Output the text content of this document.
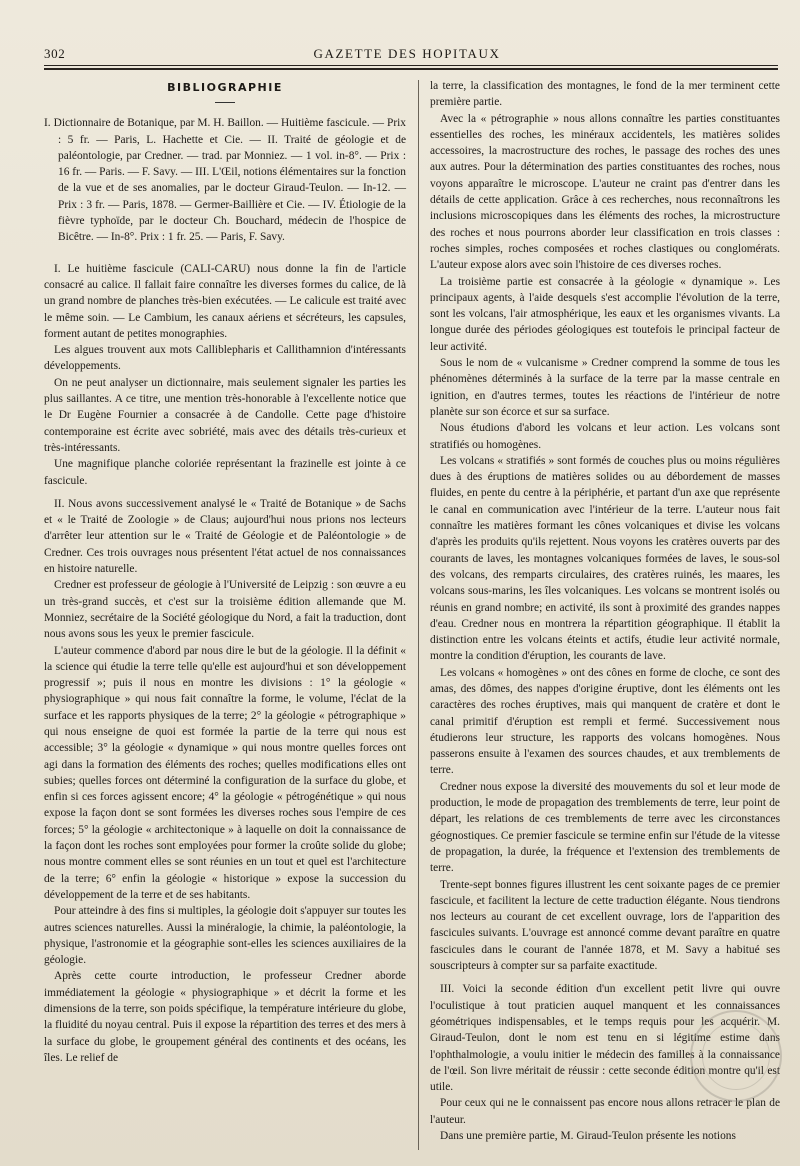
302	GAZETTE DES HOPITAUX
BIBLIOGRAPHIE
I. Dictionnaire de Botanique, par M. H. Baillon. — Huitième fascicule. — Prix : 5 fr. — Paris, L. Hachette et Cie. — II. Traité de géologie et de paléontologie, par Credner. — trad. par Monniez. — 1 vol. in-8°. — Prix : 16 fr. — Paris. — F. Savy. — III. L'Œil, notions élémentaires sur la fonction de la vue et de ses anomalies, par le docteur Giraud-Teulon. — In-12. — Prix : 3 fr. — Paris, 1878. — Germer-Baillière et Cie. — IV. Étiologie de la fièvre typhoïde, par le docteur Ch. Bouchard, médecin de l'hospice de Bicêtre. — In-8°. Prix : 1 fr. 25. — Paris, F. Savy.

I. Le huitième fascicule (CALI-CARU) nous donne la fin de l'article consacré au calice. Il fallait faire connaître les diverses formes du calice, de là un grand nombre de planches très-bien exécutées. — Le calicule est traité avec le même soin. — Le Cambium, les canaux aériens et sécréteurs, les capsules, forment autant de petites monographies.

Les algues trouvent aux mots Calliblepharis et Callithamnion d'intéressants développements.

On ne peut analyser un dictionnaire, mais seulement signaler les parties les plus saillantes. A ce titre, une mention très-honorable à l'excellente notice que le Dr Eugène Fournier a consacrée à de Candolle. Cette page d'histoire contemporaine est écrite avec sobriété, mais avec des détails très-curieux et très-intéressants.

Une magnifique planche coloriée représentant la frazinelle est jointe à ce fascicule.

II. Nous avons successivement analysé le « Traité de Botanique » de Sachs et « le Traité de Zoologie » de Claus; aujourd'hui nous prions nos lecteurs d'arrêter leur attention sur le « Traité de Géologie et de Paléontologie » de Credner. Ces trois ouvrages nous présentent l'état actuel de nos connaissances en histoire naturelle.

Credner est professeur de géologie à l'Université de Leipzig : son œuvre a eu un très-grand succès, et c'est sur la troisième édition allemande que M. Monniez, secrétaire de la Société géologique du Nord, a fait la traduction, dont nous avons sous les yeux le premier fascicule.

L'auteur commence d'abord par nous dire le but de la géologie. Il la définit « la science qui étudie la terre telle qu'elle est aujourd'hui et son développement progressif »; puis il nous en montre les divisions : 1° la géologie « physiographique » qui nous fait connaître la forme, le volume, l'éclat de la surface et les rapports physiques de la terre; 2° la géologie « pétrographique » qui nous enseigne de quoi est formée la partie de la terre qui nous est accessible; 3° la géologie « dynamique » qui nous montre quelles forces ont agi dans la formation des éléments des roches; quelles modifications elles ont subies; quelles forces ont déterminé la configuration de la surface du globe, et enfin si ces forces agissent encore; 4° la géologie « pétrogénétique » qui nous expose la façon dont se sont formées les diverses roches sous l'empire de ces forces; 5° la géologie « architectonique » à laquelle on doit la connaissance de la façon dont les roches sont employées pour former la croûte solide du globe; nous montre comment elles se sont réunies en un tout et quel est l'architecture de la terre; 6° enfin la géologie « historique » expose la succession du développement de la terre et de ses habitants.

Pour atteindre à des fins si multiples, la géologie doit s'appuyer sur toutes les autres sciences naturelles. Aussi la minéralogie, la chimie, la paléontologie, la physique, l'astronomie et la géographie sont-elles les sciences auxiliaires de la géologie.

Après cette courte introduction, le professeur Credner aborde immédiatement la géologie « physiographique » et décrit la forme et les dimensions de la terre, son poids spécifique, la température intérieure du globe, la fluidité du noyau central. Puis il expose la répartition des terres et des mers à la surface du globe, le groupement général des continents et des océans, les îles. Le relief de

la terre, la classification des montagnes, le fond de la mer terminent cette première partie.

Avec la « pétrographie » nous allons connaître les parties constituantes essentielles des roches, les minéraux accidentels, les matières solides accessoires, la macrostructure des roches, le passage des roches des unes aux autres. Pour la détermination des parties constituantes des roches, nous voyons apparaître le microscope. L'auteur ne craint pas d'entrer dans les détails de cette application. Grâce à ces recherches, nous reconnaîtrons les inclusions microscopiques dans les éléments des roches, la microstructure des roches et nous pourrons aborder leur classification en trois classes : roches simples, roches composées et roches clastiques ou conglomérats. L'auteur expose alors avec soin l'histoire de ces diverses roches.

La troisième partie est consacrée à la géologie « dynamique ». Les principaux agents, à l'aide desquels s'est accomplie l'évolution de la terre, sont les volcans, l'air atmosphérique, les eaux et les organismes vivants. La longue durée des périodes géologiques est toutefois le principal facteur de leur activité.

Sous le nom de « vulcanisme » Credner comprend la somme de tous les phénomènes déterminés à la surface de la terre par la masse centrale en ignition, en d'autres termes, toutes les réactions de l'intérieur de notre planète sur son écorce et sur sa surface.

Nous étudions d'abord les volcans et leur action. Les volcans sont stratifiés ou homogènes.

Les volcans « stratifiés » sont formés de couches plus ou moins régulières dues à des éruptions de matières solides ou au débordement de masses fluides, en pente du centre à la périphérie, et partant d'un axe que représente le canal en communication avec l'intérieur de la terre. L'auteur nous fait connaître les matières formant les cônes volcaniques et divise les volcans d'après les produits qu'ils rejettent. Nous voyons les cratères ouverts par des courants de laves, les montagnes volcaniques formées de laves, le sous-sol des volcans, des remparts circulaires, des cratères ruinés, les maares, les volcans sous-marins, les îles volcaniques. Les volcans se montrent isolés ou réunis en grand nombre; en activité, ils sont à proximité des grandes nappes d'eau. Credner nous en montrera la répartition géographique. Il établit la distinction entre les volcans éteints et actifs, étudie leur activité normale, montre la condition d'éruption, les courants de lave.

Les volcans « homogènes » ont des cônes en forme de cloche, ce sont des amas, des dômes, des nappes d'origine éruptive, dont les éléments ont les caractères des roches éruptives, mais qui manquent de cratère et dont le canal primitif d'éruption est rempli et fermé. Successivement nous étudierons leur structure, les rapports des volcans homogènes. Nous passerons ensuite à l'examen des sources chaudes, et aux tremblements de terre.

Credner nous expose la diversité des mouvements du sol et leur mode de production, le mode de propagation des tremblements de terre, leur point de départ, les relations de ces tremblements de terre avec les circonstances géognostiques. Ce premier fascicule se termine enfin sur l'étude de la vitesse de propagation, la durée, la fréquence et l'extension des tremblements de terre.

Trente-sept bonnes figures illustrent les cent soixante pages de ce premier fascicule, et facilitent la lecture de cette traduction élégante. Nous tiendrons nos lecteurs au courant de cet excellent ouvrage, lors de l'apparition des fascicules suivants. L'ouvrage est annoncé comme devant paraître en quatre fascicules dans le courant de l'année 1878, et M. Savy a habitué ses souscripteurs à compter sur sa parfaite exactitude.

III. Voici la seconde édition d'un excellent petit livre qui ouvre l'oculistique à tout praticien auquel manquent et les connaissances géométriques indispensables, et le temps requis pour les acquérir. M. Giraud-Teulon, dont le nom est tenu en si légitime estime dans l'ophthalmologie, a voulu initier le médecin des familles à la connaissance de l'œil. Son livre méritait de réussir : cette seconde édition montre qu'il est utile.

Pour ceux qui ne le connaissent pas encore nous allons retracer le plan de l'auteur.

Dans une première partie, M. Giraud-Teulon présente les notions
